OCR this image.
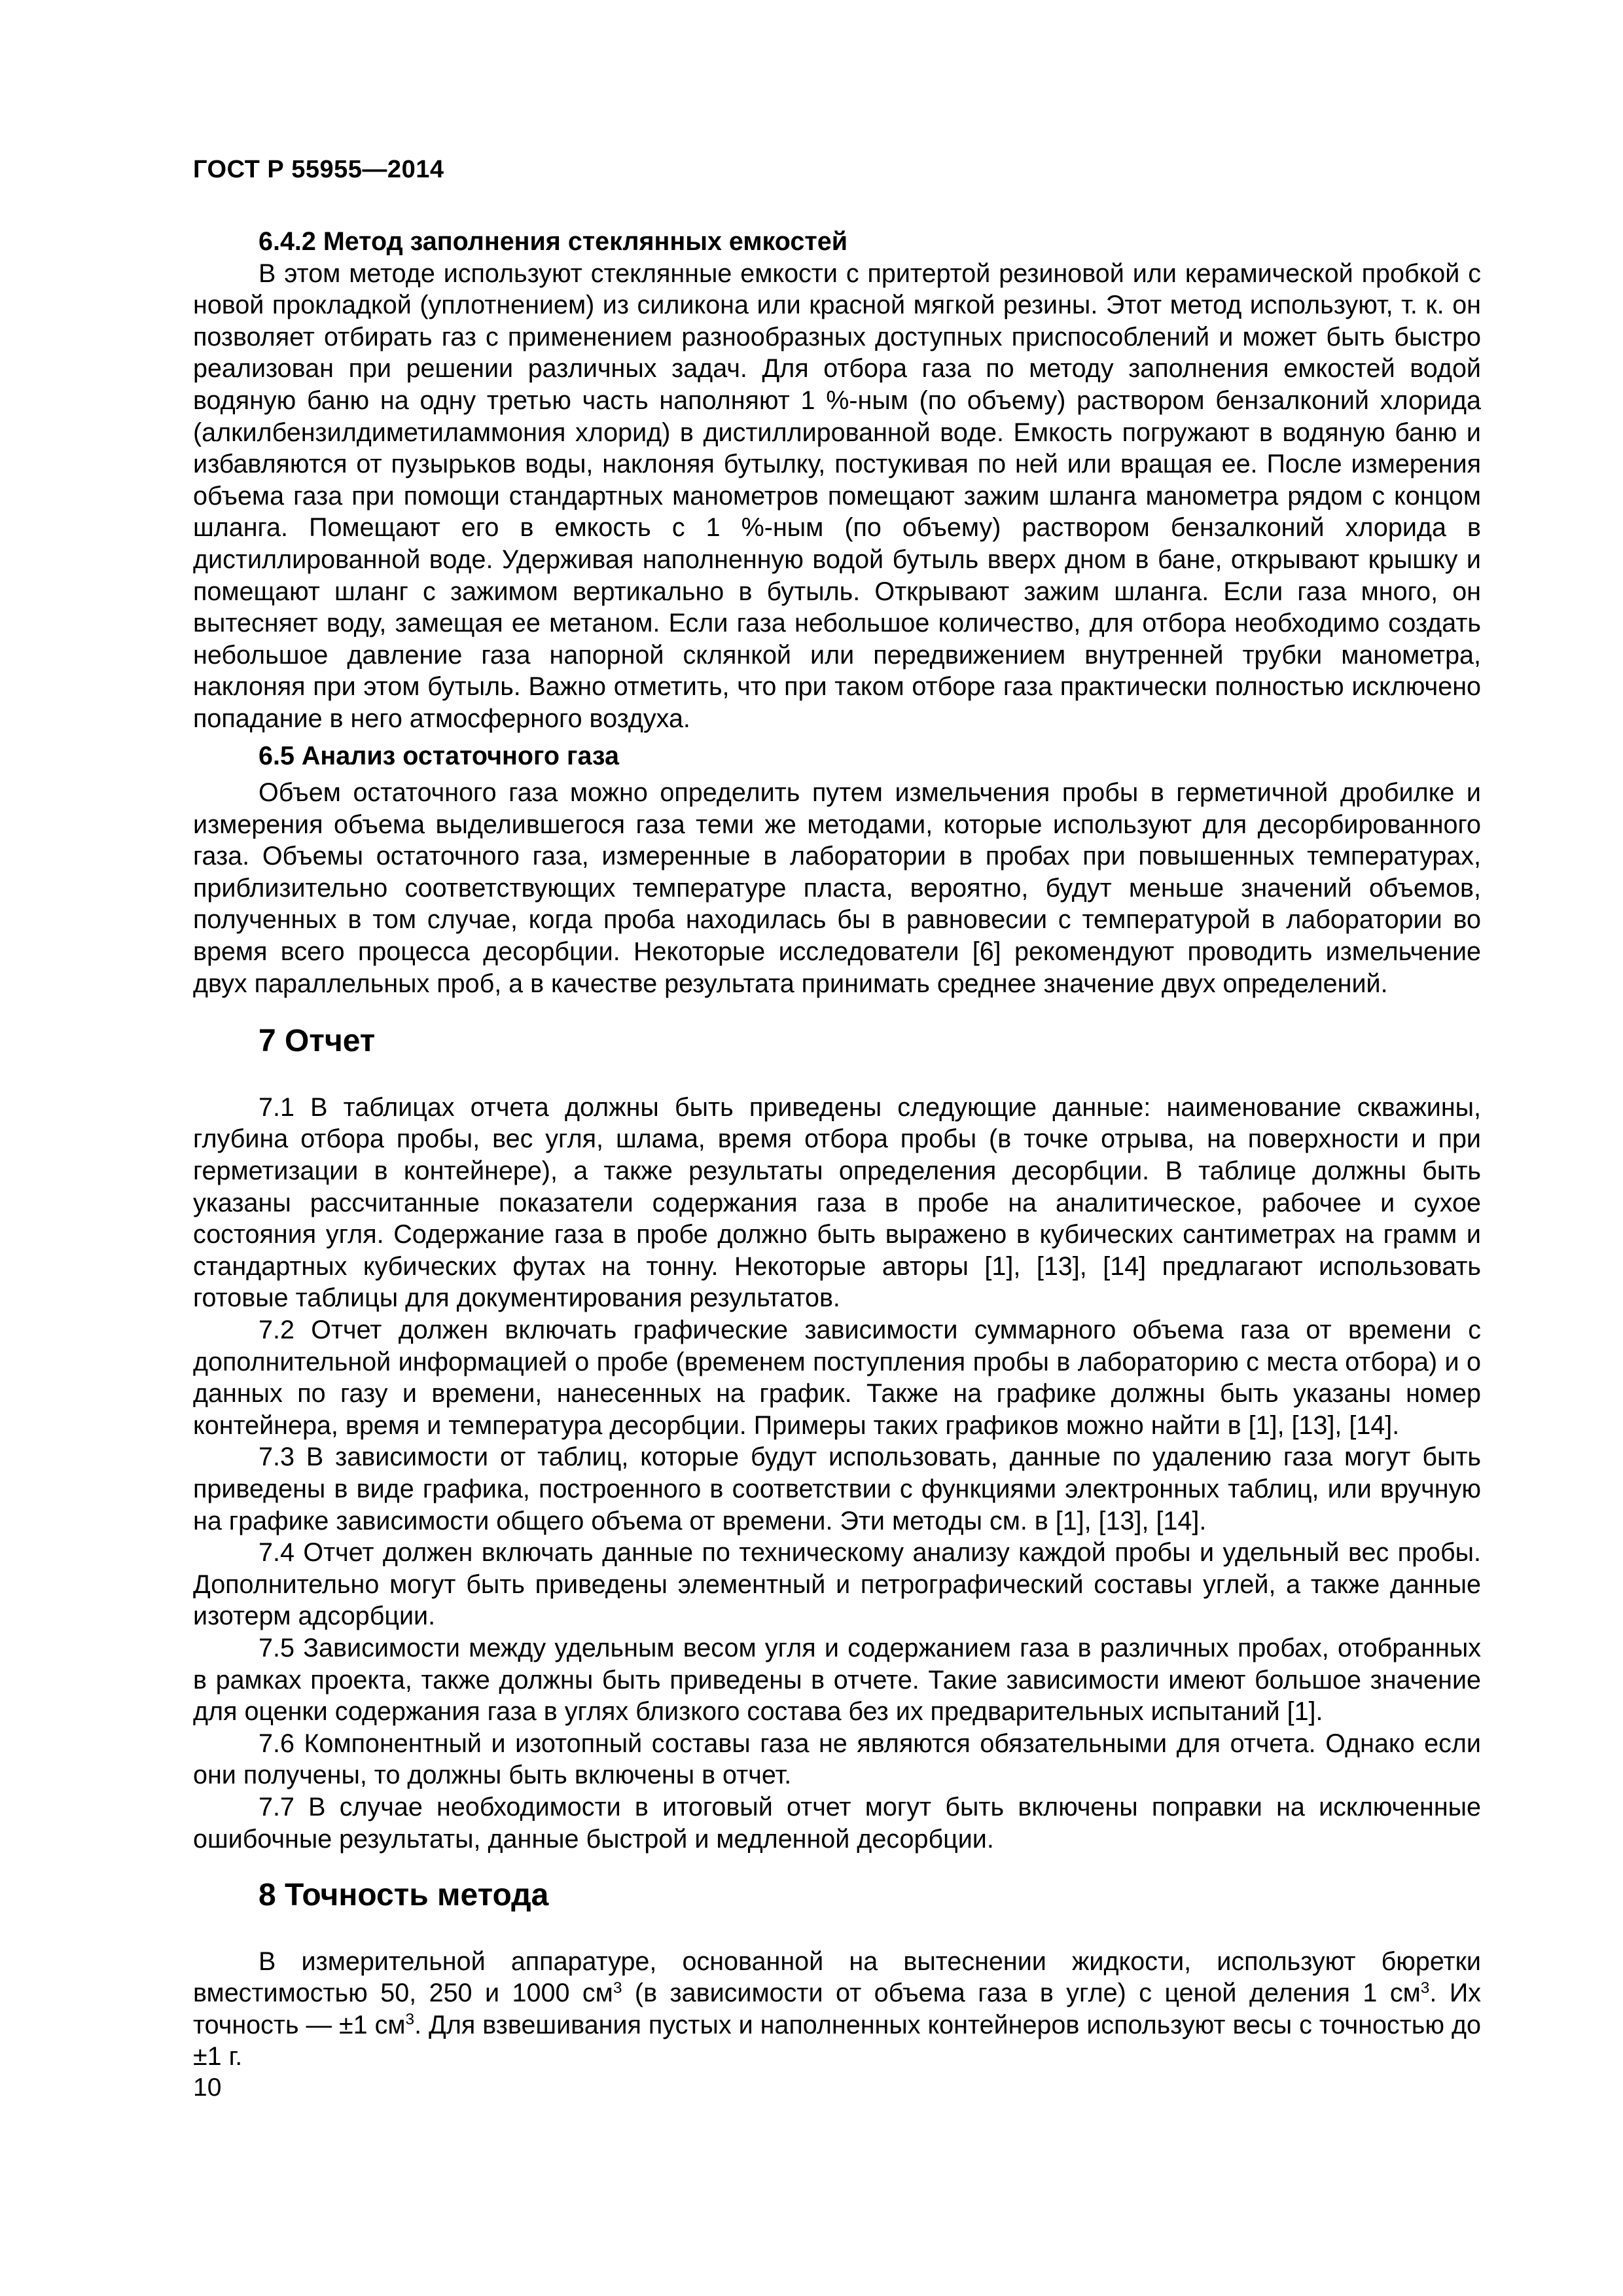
ГОСТ Р 55955—2014
6.4.2 Метод заполнения стеклянных емкостей

В этом методе используют стеклянные емкости с притертой резиновой или керамической пробкой с новой прокладкой (уплотнением) из силикона или красной мягкой резины. Этот метод используют, т. к. он позволяет отбирать газ с применением разнообразных доступных приспособлений и может быть быстро реализован при решении различных задач. Для отбора газа по методу заполнения емкостей водой водяную баню на одну третью часть наполняют 1 %-ным (по объему) раствором бензалконий хлорида (алкилбензилдиметиламмония хлорид) в дистиллированной воде. Емкость погружают в водяную баню и избавляются от пузырьков воды, наклоняя бутылку, постукивая по ней или вращая ее. После измерения объема газа при помощи стандартных манометров помещают зажим шланга манометра рядом с концом шланга. Помещают его в емкость с 1 %-ным (по объему) раствором бензалконий хлорида в дистиллированной воде. Удерживая наполненную водой бутыль вверх дном в бане, открывают крышку и помещают шланг с зажимом вертикально в бутыль. Открывают зажим шланга. Если газа много, он вытесняет воду, замещая ее метаном. Если газа небольшое количество, для отбора необходимо создать небольшое давление газа напорной склянкой или передвижением внутренней трубки манометра, наклоняя при этом бутыль. Важно отметить, что при таком отборе газа практически полностью исключено попадание в него атмосферного воздуха.

6.5 Анализ остаточного газа

Объем остаточного газа можно определить путем измельчения пробы в герметичной дробилке и измерения объема выделившегося газа теми же методами, которые используют для десорбированного газа. Объемы остаточного газа, измеренные в лаборатории в пробах при повышенных температурах, приблизительно соответствующих температуре пласта, вероятно, будут меньше значений объемов, полученных в том случае, когда проба находилась бы в равновесии с температурой в лаборатории во время всего процесса десорбции. Некоторые исследователи [6] рекомендуют проводить измельчение двух параллельных проб, а в качестве результата принимать среднее значение двух определений.

7 Отчет

7.1 В таблицах отчета должны быть приведены следующие данные: наименование скважины, глубина отбора пробы, вес угля, шлама, время отбора пробы (в точке отрыва, на поверхности и при герметизации в контейнере), а также результаты определения десорбции. В таблице должны быть указаны рассчитанные показатели содержания газа в пробе на аналитическое, рабочее и сухое состояния угля. Содержание газа в пробе должно быть выражено в кубических сантиметрах на грамм и стандартных кубических футах на тонну. Некоторые авторы [1], [13], [14] предлагают использовать готовые таблицы для документирования результатов.

7.2 Отчет должен включать графические зависимости суммарного объема газа от времени с дополнительной информацией о пробе (временем поступления пробы в лабораторию с места отбора) и о данных по газу и времени, нанесенных на график. Также на графике должны быть указаны номер контейнера, время и температура десорбции. Примеры таких графиков можно найти в [1], [13], [14].

7.3 В зависимости от таблиц, которые будут использовать, данные по удалению газа могут быть приведены в виде графика, построенного в соответствии с функциями электронных таблиц, или вручную на графике зависимости общего объема от времени. Эти методы см. в [1], [13], [14].

7.4 Отчет должен включать данные по техническому анализу каждой пробы и удельный вес пробы. Дополнительно могут быть приведены элементный и петрографический составы углей, а также данные изотерм адсорбции.

7.5 Зависимости между удельным весом угля и содержанием газа в различных пробах, отобранных в рамках проекта, также должны быть приведены в отчете. Такие зависимости имеют большое значение для оценки содержания газа в углях близкого состава без их предварительных испытаний [1].

7.6 Компонентный и изотопный составы газа не являются обязательными для отчета. Однако если они получены, то должны быть включены в отчет.

7.7 В случае необходимости в итоговый отчет могут быть включены поправки на исключенные ошибочные результаты, данные быстрой и медленной десорбции.

8 Точность метода

В измерительной аппаратуре, основанной на вытеснении жидкости, используют бюретки вместимостью 50, 250 и 1000 $см^3$ (в зависимости от объема газа в угле) с ценой деления 1 $см^3$. Их точность — ±1 $см^3$. Для взвешивания пустых и наполненных контейнеров используют весы с точностью до ±1 г.

10
